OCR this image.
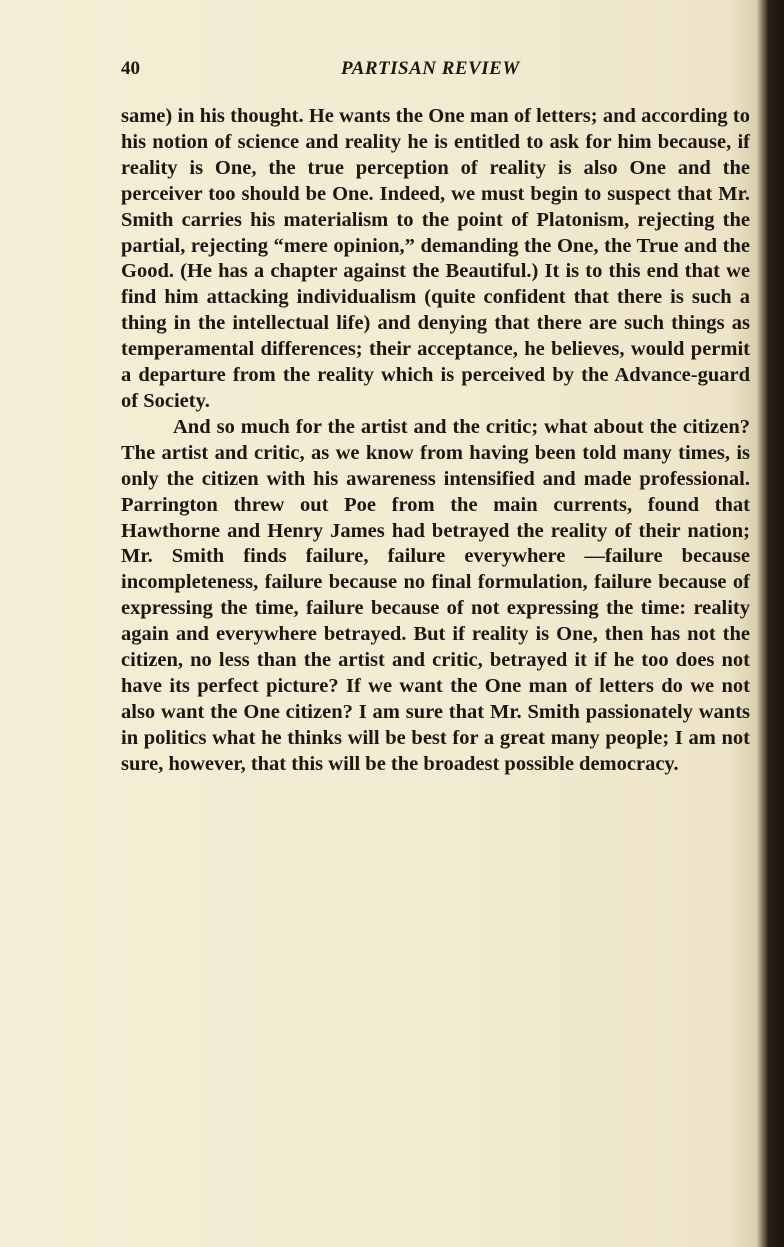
40	PARTISAN REVIEW

same) in his thought. He wants the One man of letters; and according to his notion of science and reality he is entitled to ask for him because, if reality is One, the true perception of reality is also One and the perceiver too should be One. Indeed, we must begin to suspect that Mr. Smith carries his materialism to the point of Platonism, rejecting the partial, rejecting “mere opinion,” demanding the One, the True and the Good. (He has a chapter against the Beautiful.) It is to this end that we find him attacking individualism (quite confident that there is such a thing in the intellectual life) and denying that there are such things as temperamental differences; their acceptance, he believes, would permit a departure from the reality which is perceived by the Advance-guard of Society.

And so much for the artist and the critic; what about the citizen? The artist and critic, as we know from having been told many times, is only the citizen with his awareness intensified and made professional. Parrington threw out Poe from the main currents, found that Hawthorne and Henry James had betrayed the reality of their nation; Mr. Smith finds failure, failure everywhere —failure because incompleteness, failure because no final formulation, failure because of expressing the time, failure because of not expressing the time: reality again and everywhere betrayed. But if reality is One, then has not the citizen, no less than the artist and critic, betrayed it if he too does not have its perfect picture? If we want the One man of letters do we not also want the One citizen? I am sure that Mr. Smith passionately wants in politics what he thinks will be best for a great many people; I am not sure, however, that this will be the broadest possible democracy.
